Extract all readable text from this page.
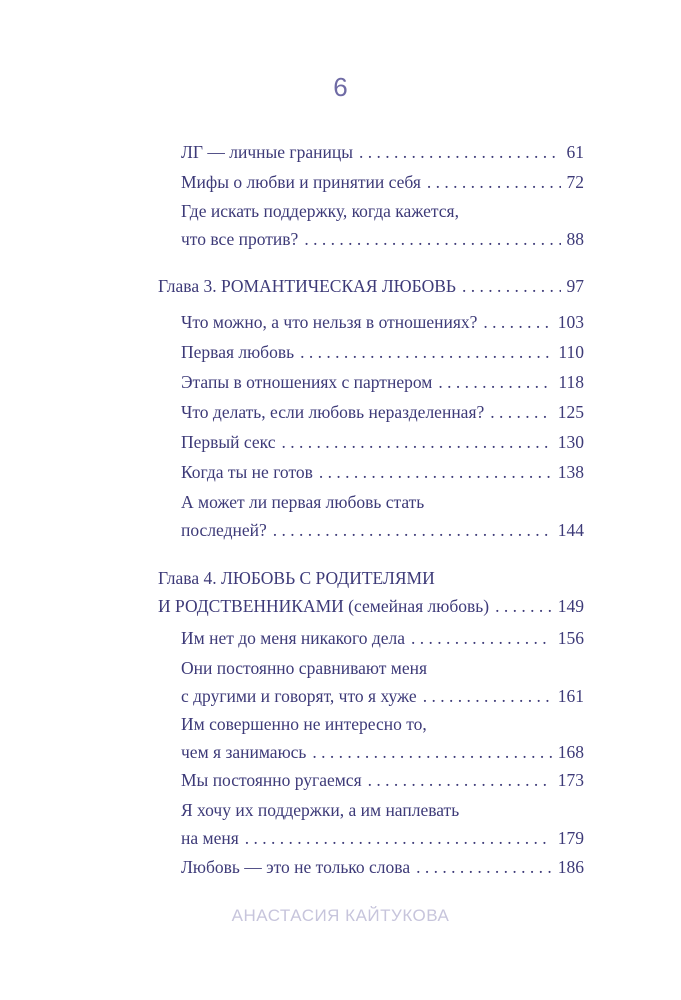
6
ЛГ — личные границы . . .	61
Мифы о любви и принятии себя . . .	72
Где искать поддержку, когда кажется,
что все против? . . .	88
Глава 3. РОМАНТИЧЕСКАЯ ЛЮБОВЬ . . .	97
Что можно, а что нельзя в отношениях? . . .	103
Первая любовь . . .	110
Этапы в отношениях с партнером . . .	118
Что делать, если любовь неразделенная? . . .	125
Первый секс . . .	130
Когда ты не готов . . .	138
А может ли первая любовь стать
последней? . . .	144
Глава 4. ЛЮБОВЬ С РОДИТЕЛЯМИ
И РОДСТВЕННИКАМИ (семейная любовь) . . .	149
Им нет до меня никакого дела . . .	156
Они постоянно сравнивают меня
с другими и говорят, что я хуже . . .	161
Им совершенно не интересно то,
чем я занимаюсь . . .	168
Мы постоянно ругаемся . . .	173
Я хочу их поддержки, а им наплевать
на меня . . .	179
Любовь — это не только слова . . .	186
АНАСТАСИЯ КАЙТУКОВА
